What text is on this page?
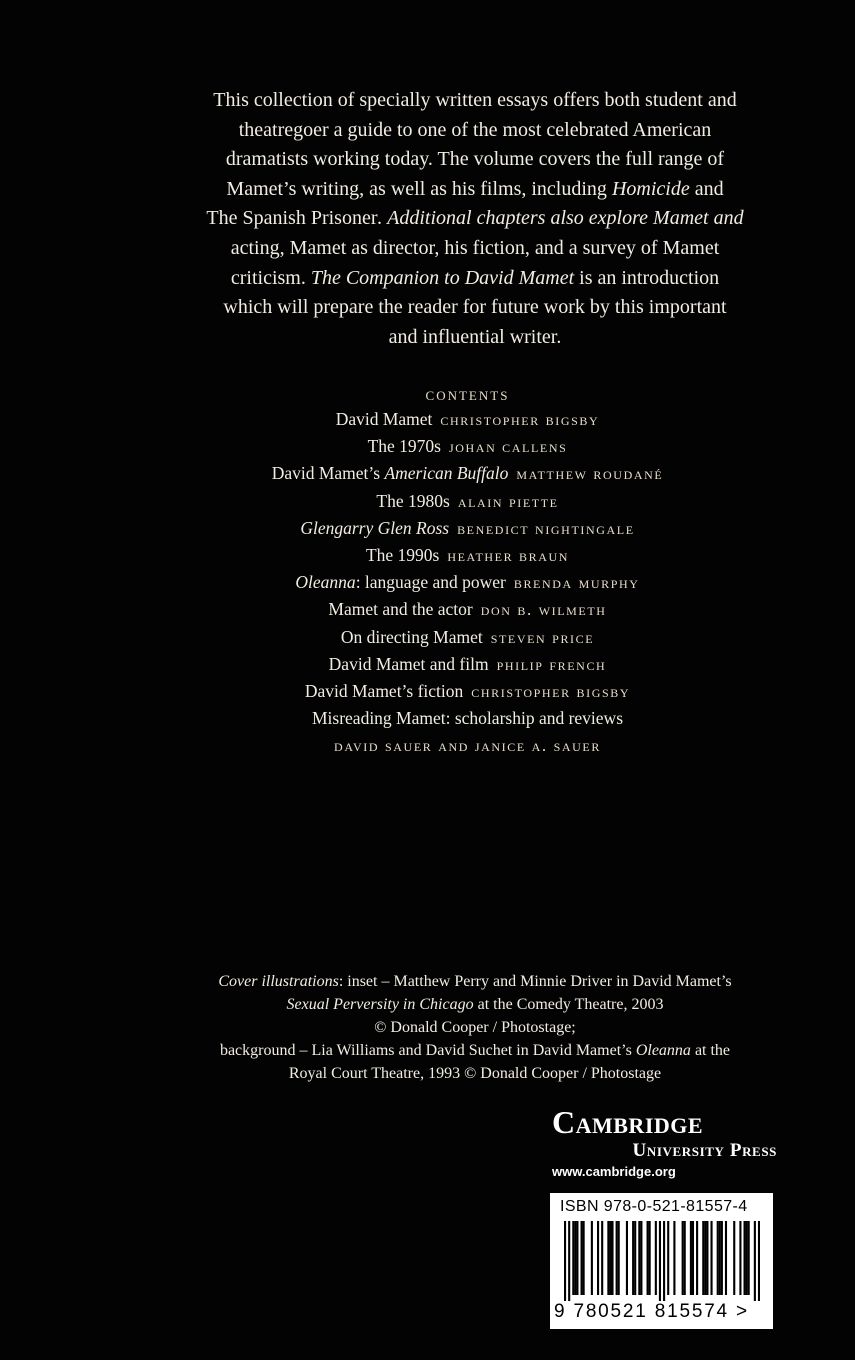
This collection of specially written essays offers both student and
theatregoer a guide to one of the most celebrated American
dramatists working today. The volume covers the full range of
Mamet’s writing, as well as his films, including Homicide and
The Spanish Prisoner. Additional chapters also explore Mamet and
acting, Mamet as director, his fiction, and a survey of Mamet
criticism. The Companion to David Mamet is an introduction
which will prepare the reader for future work by this important
and influential writer.
contents
David Mamet christopher bigsby
The 1970s johan callens
David Mamet’s American Buffalo matthew roudané
The 1980s alain piette
Glengarry Glen Ross benedict nightingale
The 1990s heather braun
Oleanna: language and power brenda murphy
Mamet and the actor don b. wilmeth
On directing Mamet steven price
David Mamet and film philip french
David Mamet’s fiction christopher bigsby
Misreading Mamet: scholarship and reviews
david sauer and janice a. sauer
Cover illustrations: inset – Matthew Perry and Minnie Driver in David Mamet’s
Sexual Perversity in Chicago at the Comedy Theatre, 2003
© Donald Cooper / Photostage;
background – Lia Williams and David Suchet in David Mamet’s Oleanna at the
Royal Court Theatre, 1993 © Donald Cooper / Photostage
Cambridge
University Press
www.cambridge.org
ISBN 978-0-521-81557-4
9 780521 815574 >
